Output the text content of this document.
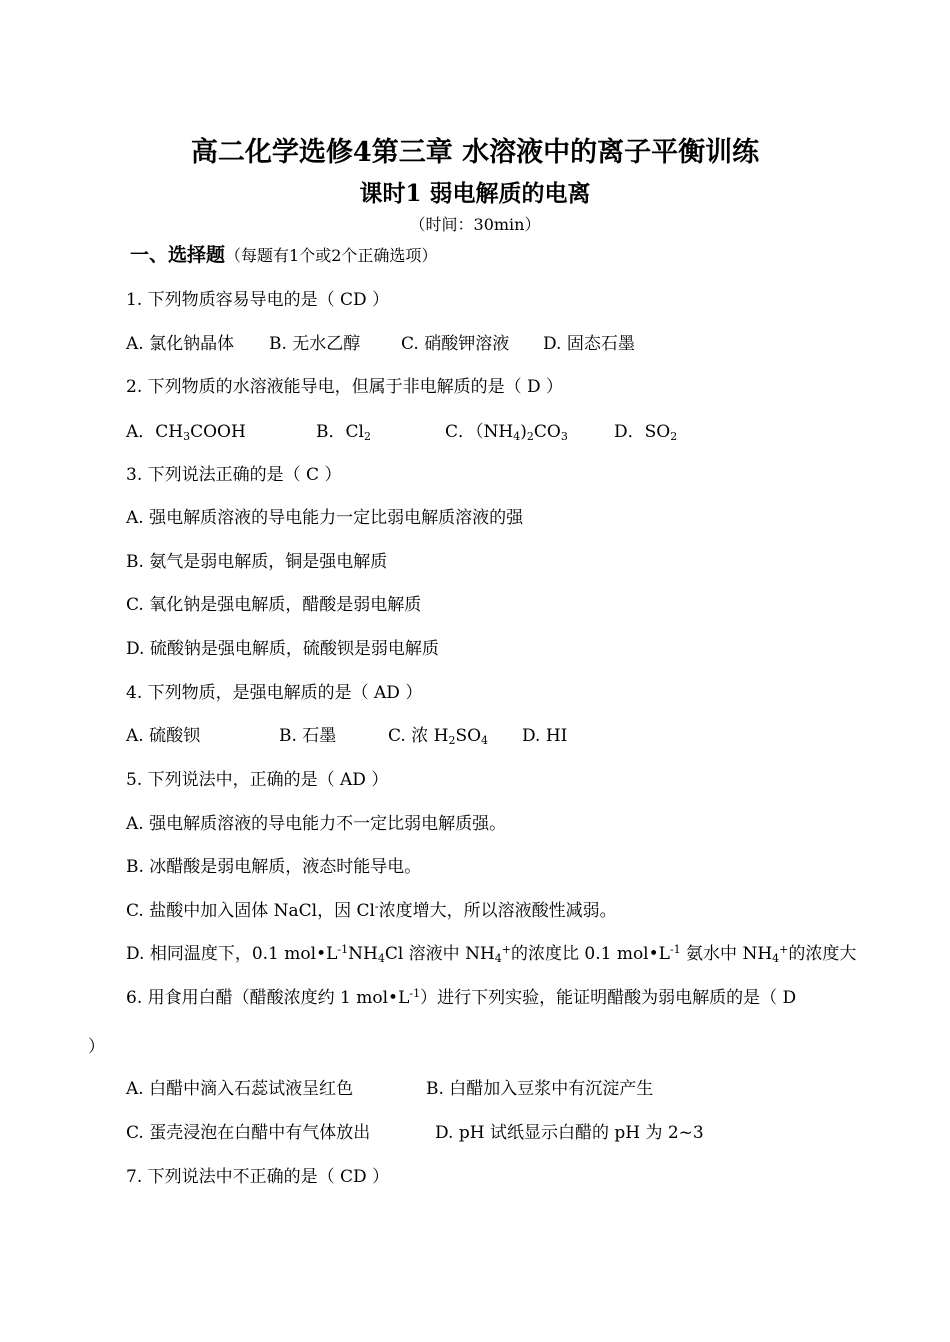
高二化学选修4第三章 水溶液中的离子平衡训练
课时1 弱电解质的电离
（时间：30min）
一、选择题（每题有1个或2个正确选项）
1. 下列物质容易导电的是（ CD ）
A. 氯化钠晶体 B. 无水乙醇 C. 硝酸钾溶液 D. 固态石墨
2. 下列物质的水溶液能导电，但属于非电解质的是（ D ）
A．$CH_3COOH$	B．$Cl_2$	C．$(NH_4)_2CO_3$	D．$SO_2$
3. 下列说法正确的是（ C ）
A. 强电解质溶液的导电能力一定比弱电解质溶液的强
B. 氨气是弱电解质，铜是强电解质
C. 氧化钠是强电解质，醋酸是弱电解质
D. 硫酸钠是强电解质，硫酸钡是弱电解质
4. 下列物质，是强电解质的是（ AD ）
A. 硫酸钡	B. 石墨	C. 浓 $H_2SO_4$ D. HI
5. 下列说法中，正确的是（ AD ）
A. 强电解质溶液的导电能力不一定比弱电解质强。
B. 冰醋酸是弱电解质，液态时能导电。
C. 盐酸中加入固体 NaCl，因 Cl-浓度增大，所以溶液酸性减弱。
D. 相同温度下，0.1 $mol•L^{-1}NH_4Cl$ 溶液中 $NH_4^+$的浓度比 0.1 $mol•L^{-1}$ 氨水中 $NH_4^+$的浓度大
6. 用食用白醋（醋酸浓度约 1 $mol•L^{-1}$）进行下列实验，能证明醋酸为弱电解质的是（ D
）
A. 白醋中滴入石蕊试液呈红色	B. 白醋加入豆浆中有沉淀产生
C. 蛋壳浸泡在白醋中有气体放出	D. pH 试纸显示白醋的 pH 为 2~3
7. 下列说法中不正确的是（ CD ）
